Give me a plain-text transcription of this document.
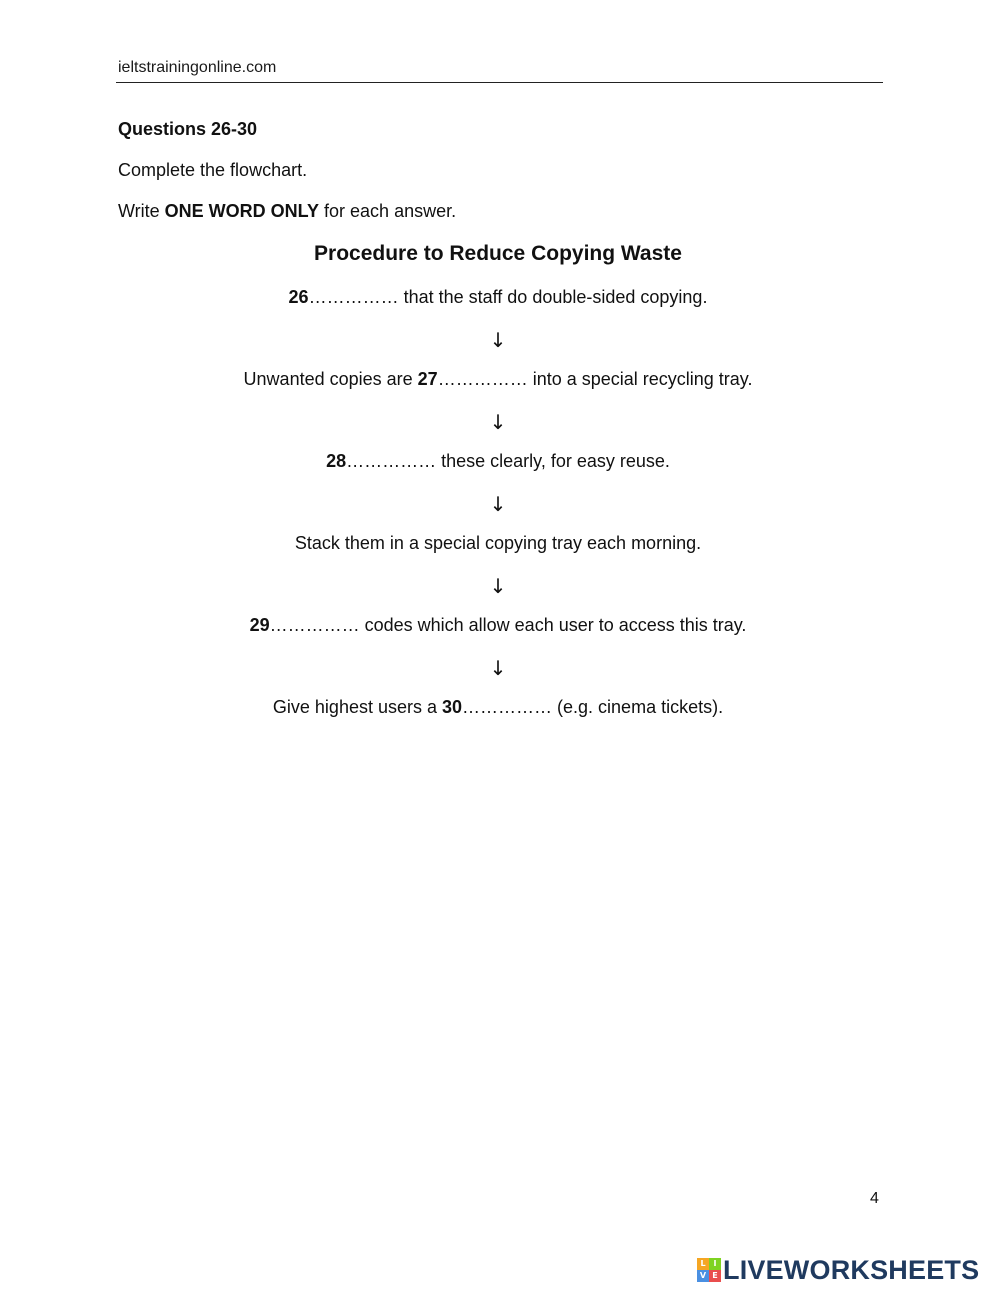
ieltstrainingonline.com
Questions 26-30
Complete the flowchart.
Write ONE WORD ONLY for each answer.
Procedure to Reduce Copying Waste
26…………… that the staff do double-sided copying.
↓
Unwanted copies are 27…………… into a special recycling tray.
↓
28…………… these clearly, for easy reuse.
↓
Stack them in a special copying tray each morning.
↓
29…………… codes which allow each user to access this tray.
↓
Give highest users a 30…………… (e.g. cinema tickets).
4
L I
V E LIVEWORKSHEETS
